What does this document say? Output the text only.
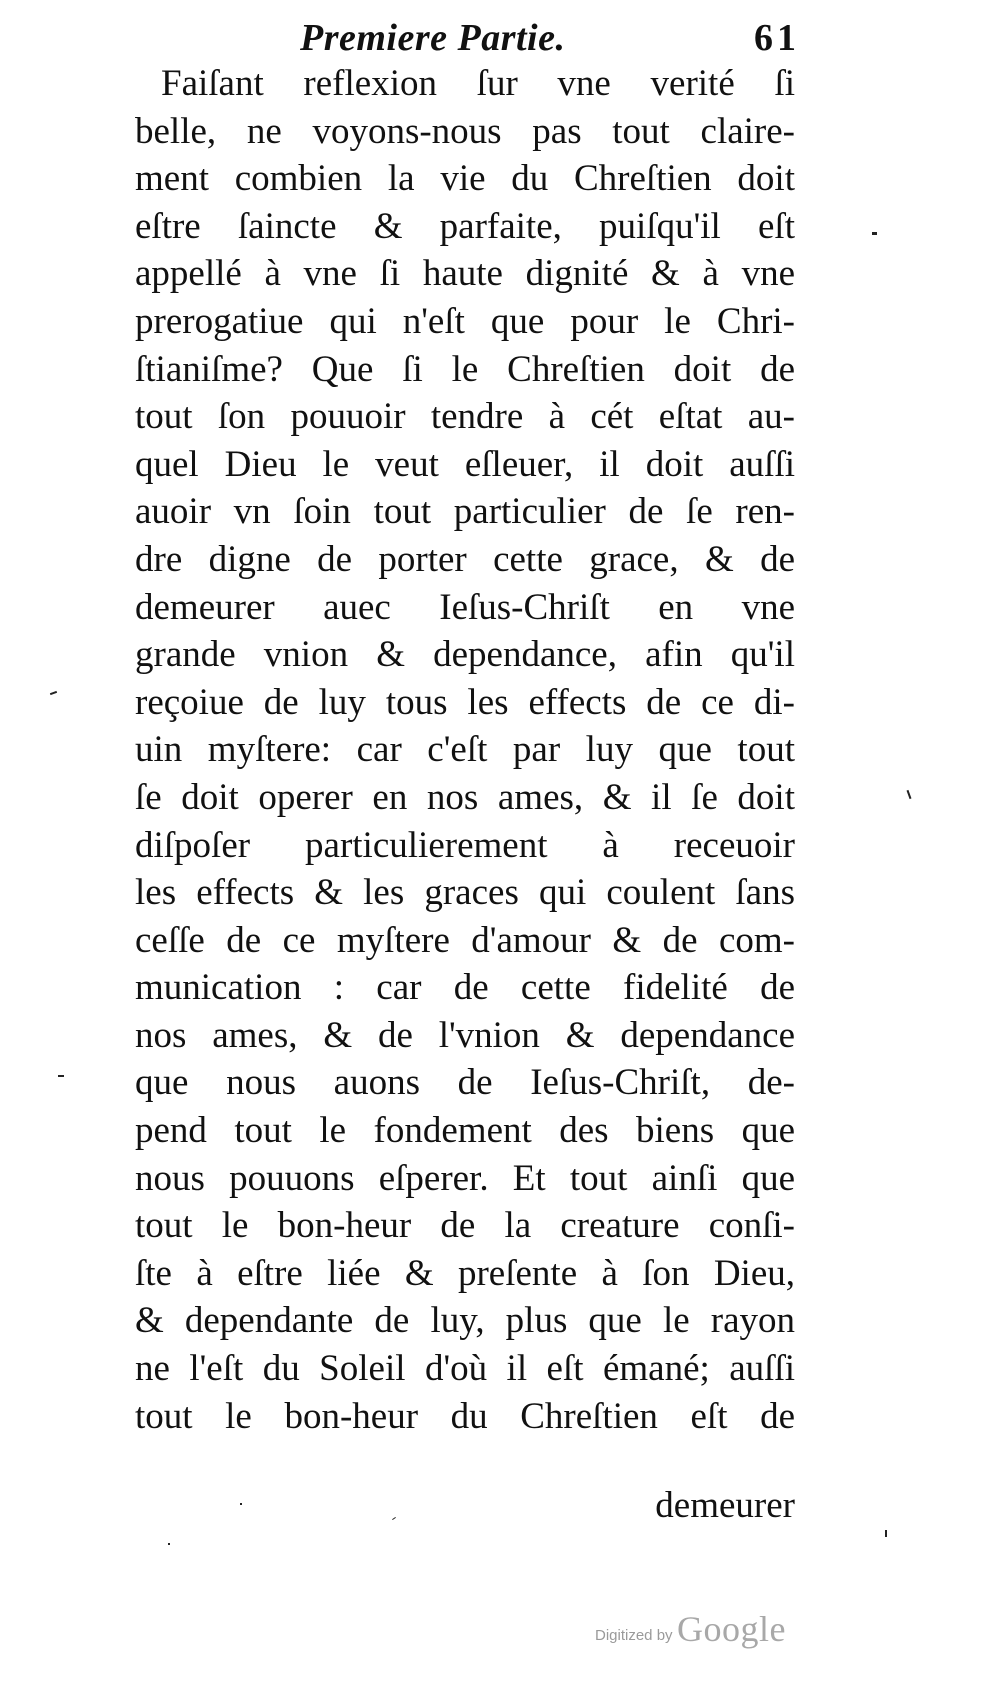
Premiere Partie.	61
Faiſant reflexion ſur vne verité ſi
belle, ne voyons-nous pas tout claire-
ment combien la vie du Chreſtien doit
eſtre ſaincte & parfaite, puiſqu'il eſt
appellé à vne ſi haute dignité & à vne
prerogatiue qui n'eſt que pour le Chri-
ſtianiſme? Que ſi le Chreſtien doit de
tout ſon pouuoir tendre à cét eſtat au-
quel Dieu le veut eſleuer, il doit auſſi
auoir vn ſoin tout particulier de ſe ren-
dre digne de porter cette grace, & de
demeurer auec Ieſus-Chriſt en vne
grande vnion & dependance, afin qu'il
reçoiue de luy tous les effects de ce di-
uin myſtere: car c'eſt par luy que tout
ſe doit operer en nos ames, & il ſe doit
diſpoſer particulierement à receuoir
les effects & les graces qui coulent ſans
ceſſe de ce myſtere d'amour & de com-
munication : car de cette fidelité de
nos ames, & de l'vnion & dependance
que nous auons de Ieſus-Chriſt, de-
pend tout le fondement des biens que
nous pouuons eſperer. Et tout ainſi que
tout le bon-heur de la creature conſi-
ſte à eſtre liée & preſente à ſon Dieu,
& dependante de luy, plus que le rayon
ne l'eſt du Soleil d'où il eſt émané; auſſi
tout le bon-heur du Chreſtien eſt de
demeurer
Digitized by Google
